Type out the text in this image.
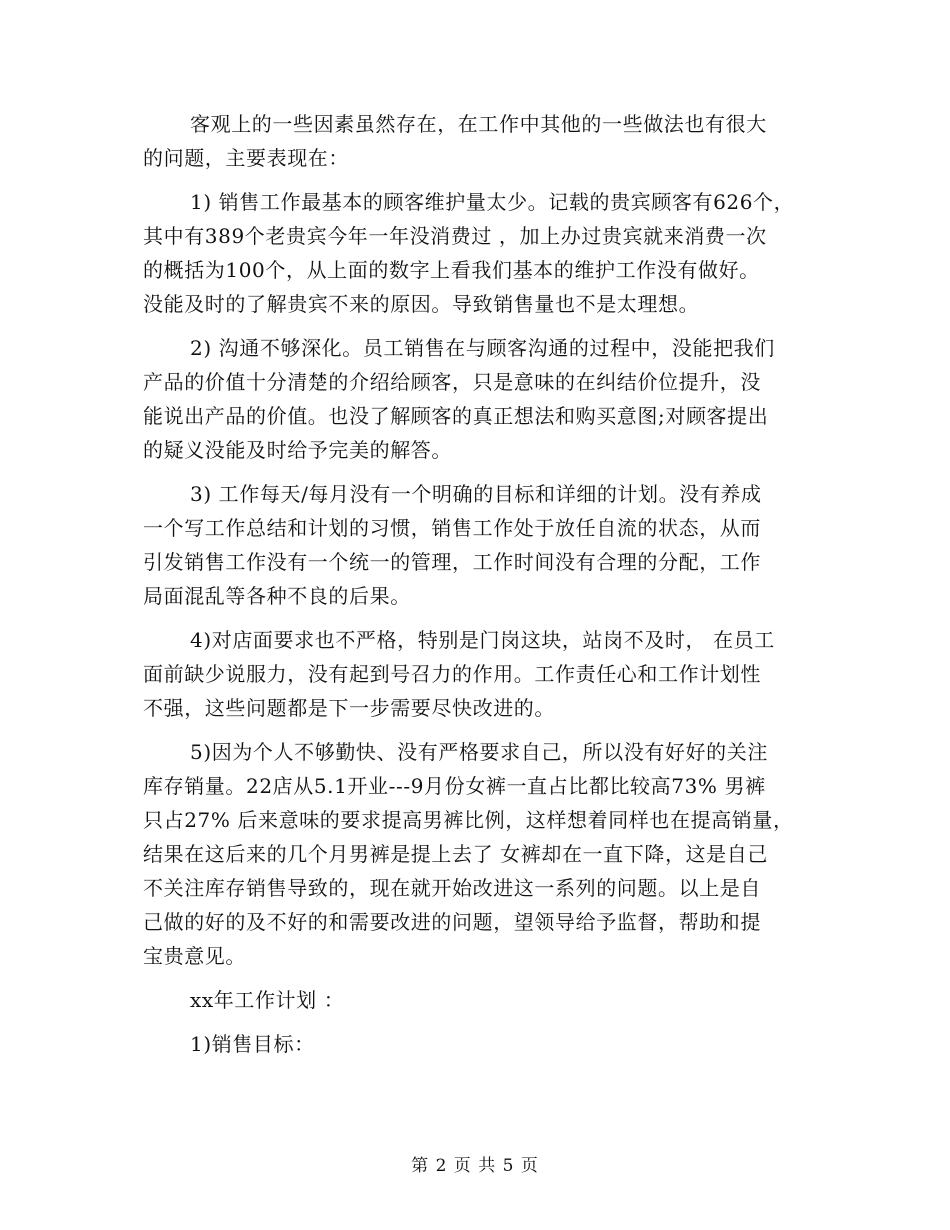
客观上的一些因素虽然存在，在工作中其他的一些做法也有很大
的问题，主要表现在：
1) 销售工作最基本的顾客维护量太少。记载的贵宾顾客有626个，
其中有389个老贵宾今年一年没消费过 ，加上办过贵宾就来消费一次
的概括为100个，从上面的数字上看我们基本的维护工作没有做好。
没能及时的了解贵宾不来的原因。导致销售量也不是太理想。
2) 沟通不够深化。员工销售在与顾客沟通的过程中，没能把我们
产品的价值十分清楚的介绍给顾客，只是意味的在纠结价位提升，没
能说出产品的价值。也没了解顾客的真正想法和购买意图;对顾客提出
的疑义没能及时给予完美的解答。
3) 工作每天/每月没有一个明确的目标和详细的计划。没有养成
一个写工作总结和计划的习惯，销售工作处于放任自流的状态，从而
引发销售工作没有一个统一的管理，工作时间没有合理的分配，工作
局面混乱等各种不良的后果。
4)对店面要求也不严格，特别是门岗这块，站岗不及时， 在员工
面前缺少说服力，没有起到号召力的作用。工作责任心和工作计划性
不强，这些问题都是下一步需要尽快改进的。
5)因为个人不够勤快、没有严格要求自己，所以没有好好的关注
库存销量。22店从5.1开业---9月份女裤一直占比都比较高73% 男裤
只占27% 后来意味的要求提高男裤比例，这样想着同样也在提高销量，
结果在这后来的几个月男裤是提上去了 女裤却在一直下降，这是自己
不关注库存销售导致的，现在就开始改进这一系列的问题。以上是自
己做的好的及不好的和需要改进的问题，望领导给予监督，帮助和提
宝贵意见。
xx年工作计划 ：
1)销售目标：
第 2 页 共 5 页
